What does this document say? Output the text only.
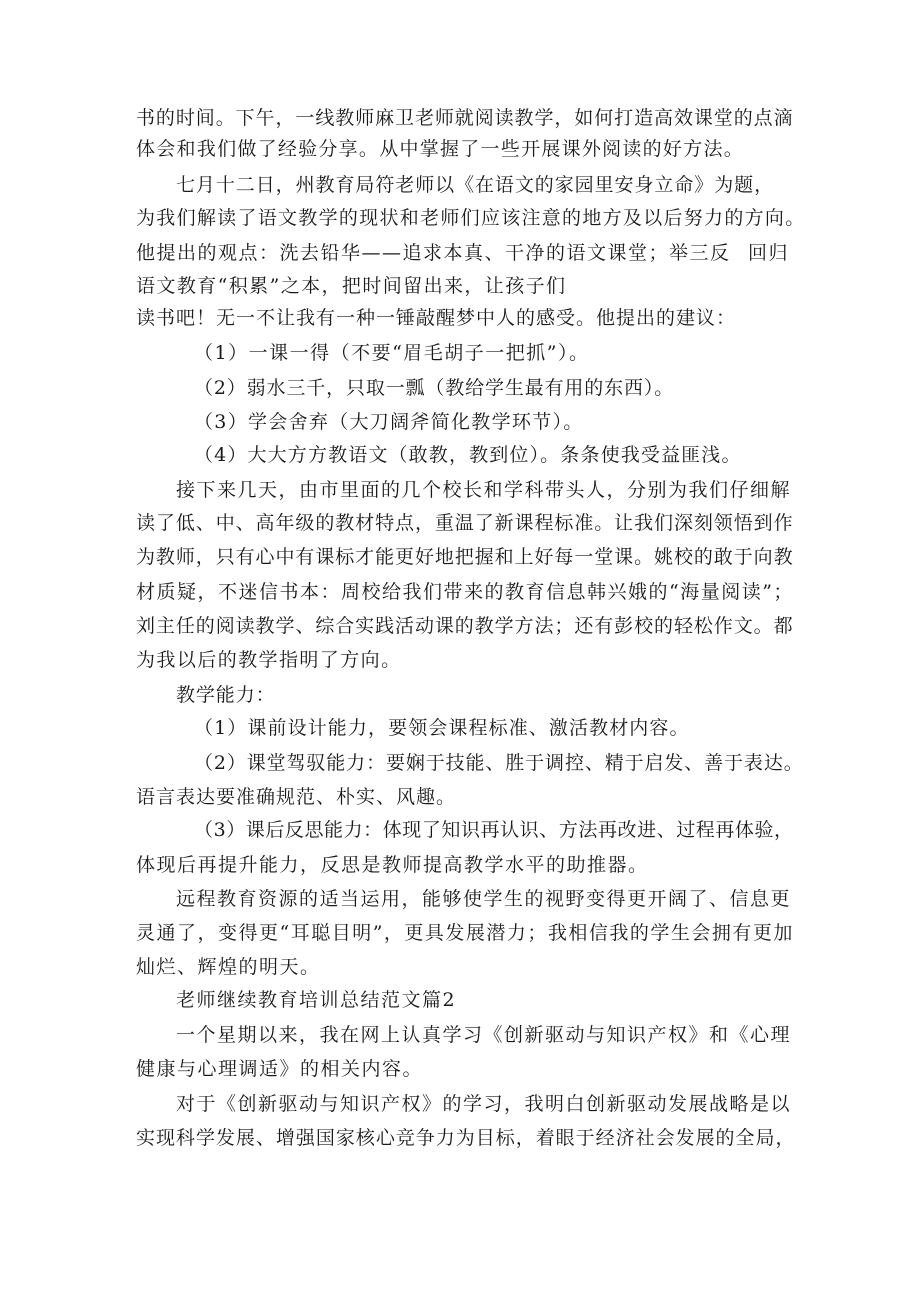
书的时间。下午，一线教师麻卫老师就阅读教学，如何打造高效课堂的点滴
体会和我们做了经验分享。从中掌握了一些开展课外阅读的好方法。
七月十二日，州教育局符老师以《在语文的家园里安身立命》为题，
为我们解读了语文教学的现状和老师们应该注意的地方及以后努力的方向。
他提出的观点：洗去铅华——追求本真、干净的语文课堂；举三反 回归
语文教育“积累”之本，把时间留出来，让孩子们
读书吧！无一不让我有一种一锤敲醒梦中人的感受。他提出的建议：
（1）一课一得（不要“眉毛胡子一把抓”）。
（2）弱水三千，只取一瓢（教给学生最有用的东西）。
（3）学会舍弃（大刀阔斧简化教学环节）。
（4）大大方方教语文（敢教，教到位）。条条使我受益匪浅。
接下来几天，由市里面的几个校长和学科带头人，分别为我们仔细解
读了低、中、高年级的教材特点，重温了新课程标准。让我们深刻领悟到作
为教师，只有心中有课标才能更好地把握和上好每一堂课。姚校的敢于向教
材质疑，不迷信书本：周校给我们带来的教育信息韩兴娥的“海量阅读”；
刘主任的阅读教学、综合实践活动课的教学方法；还有彭校的轻松作文。都
为我以后的教学指明了方向。
教学能力：
（1）课前设计能力，要领会课程标准、激活教材内容。
（2）课堂驾驭能力：要娴于技能、胜于调控、精于启发、善于表达。
语言表达要准确规范、朴实、风趣。
（3）课后反思能力：体现了知识再认识、方法再改进、过程再体验，
体现后再提升能力，反思是教师提高教学水平的助推器。
远程教育资源的适当运用，能够使学生的视野变得更开阔了、信息更
灵通了，变得更“耳聪目明”，更具发展潜力；我相信我的学生会拥有更加
灿烂、辉煌的明天。
老师继续教育培训总结范文篇2
一个星期以来，我在网上认真学习《创新驱动与知识产权》和《心理
健康与心理调适》的相关内容。
对于《创新驱动与知识产权》的学习，我明白创新驱动发展战略是以
实现科学发展、增强国家核心竞争力为目标，着眼于经济社会发展的全局，
